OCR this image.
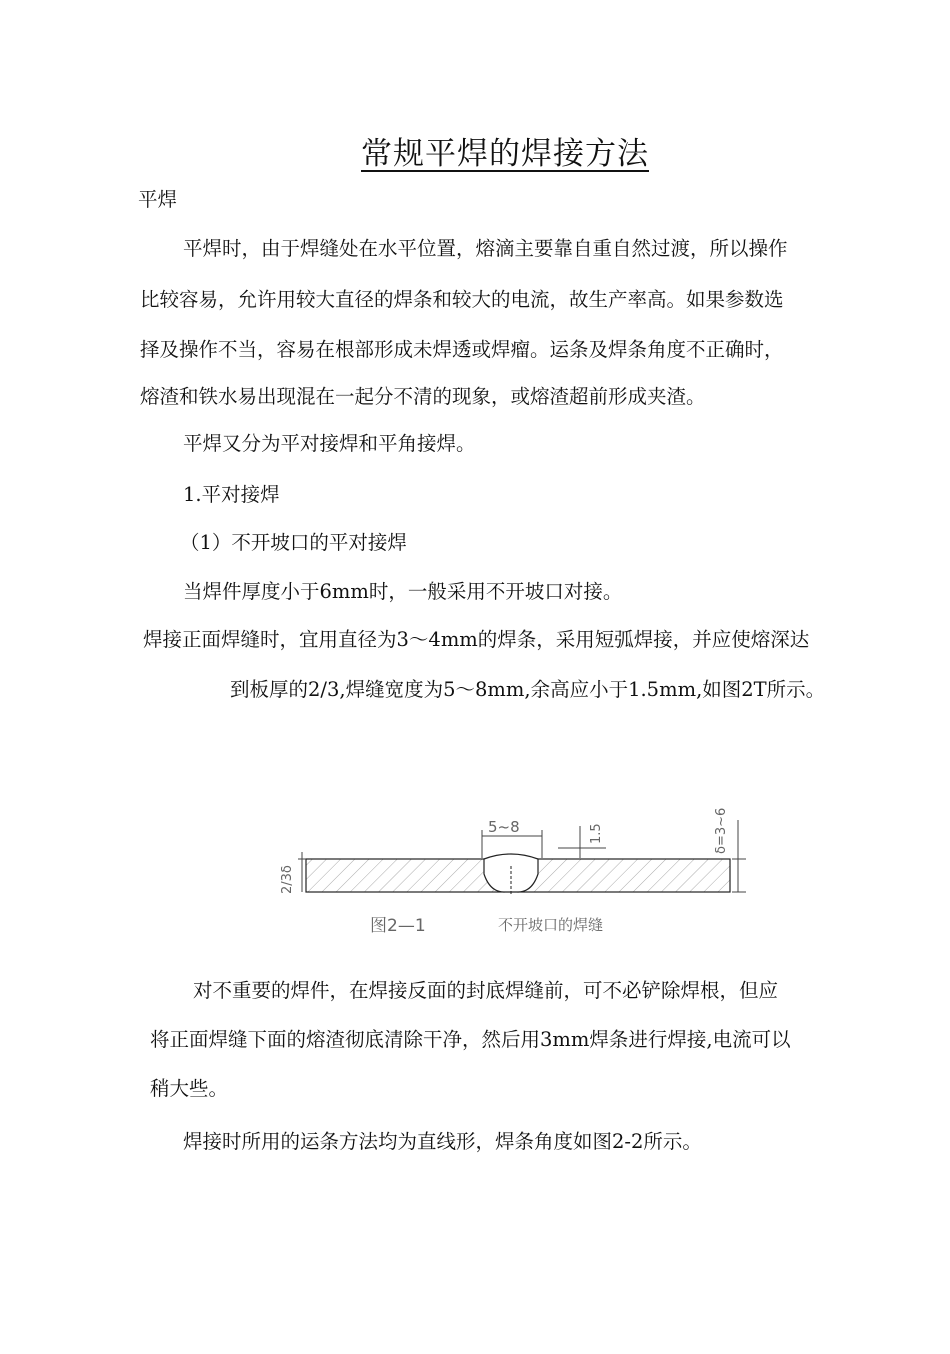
常规平焊的焊接方法
平焊
平焊时，由于焊缝处在水平位置，熔滴主要靠自重自然过渡，所以操作
比较容易，允许用较大直径的焊条和较大的电流，故生产率高。如果参数选
择及操作不当，容易在根部形成未焊透或焊瘤。运条及焊条角度不正确时，
熔渣和铁水易出现混在一起分不清的现象，或熔渣超前形成夹渣。
平焊又分为平对接焊和平角接焊。
1.平对接焊
（1）不开坡口的平对接焊
当焊件厚度小于6mm时，一般采用不开坡口对接。
焊接正面焊缝时，宜用直径为3〜4mm的焊条，采用短弧焊接，并应使熔深达
到板厚的2/3,焊缝宽度为5〜8mm,余高应小于1.5mm,如图2T所示。
5~8	1.5	δ=3~6
2/3δ
图2—1	不开坡口的焊缝
对不重要的焊件，在焊接反面的封底焊缝前，可不必铲除焊根，但应
将正面焊缝下面的熔渣彻底清除干净，然后用3mm焊条进行焊接,电流可以
稍大些。
焊接时所用的运条方法均为直线形，焊条角度如图2-2所示。
